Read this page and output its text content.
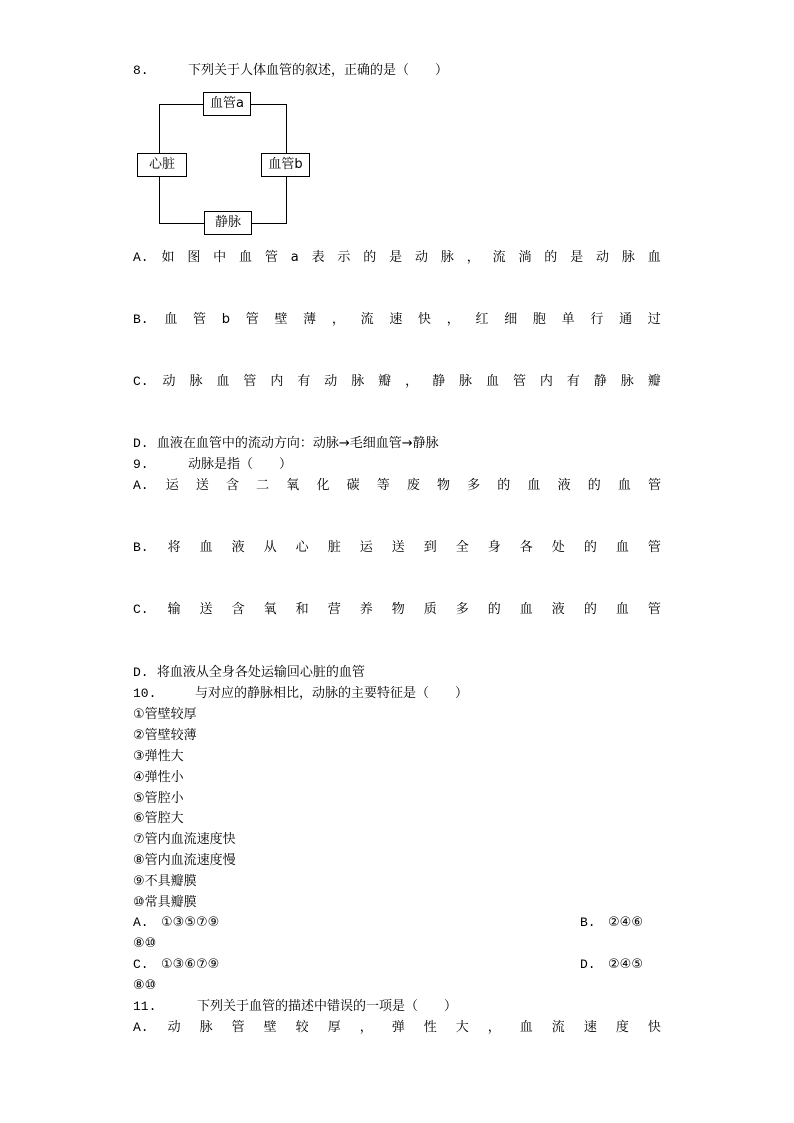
8.	下列关于人体血管的叙述，正确的是（　　）
血管a
心脏	血管b
静脉
A. 如 图 中 血 管 a 表 示 的 是 动 脉 ， 流 淌 的 是 动 脉 血
B. 血 管 b 管 壁 薄 ， 流 速 快 ， 红 细 胞 单 行 通 过
C. 动 脉 血 管 内 有 动 脉 瓣 ， 静 脉 血 管 内 有 静 脉 瓣
D. 血液在血管中的流动方向：动脉→毛细血管→静脉
9.	动脉是指（　　）
A. 运 送 含 二 氧 化 碳 等 废 物 多 的 血 液 的 血 管
B. 将 血 液 从 心 脏 运 送 到 全 身 各 处 的 血 管
C. 输 送 含 氧 和 营 养 物 质 多 的 血 液 的 血 管
D. 将血液从全身各处运输回心脏的血管
10.	与对应的静脉相比，动脉的主要特征是（　　）
①管壁较厚
②管壁较薄
③弹性大
④弹性小
⑤管腔小
⑥管腔大
⑦管内血流速度快
⑧管内血流速度慢
⑨不具瓣膜
⑩常具瓣膜
A. ①③⑤⑦⑨	B. ②④⑥
⑧⑩
C. ①③⑥⑦⑨	D. ②④⑤
⑧⑩
11.	下列关于血管的描述中错误的一项是（　　）
A. 动 脉 管 壁 较 厚 ， 弹 性 大 ， 血 流 速 度 快
